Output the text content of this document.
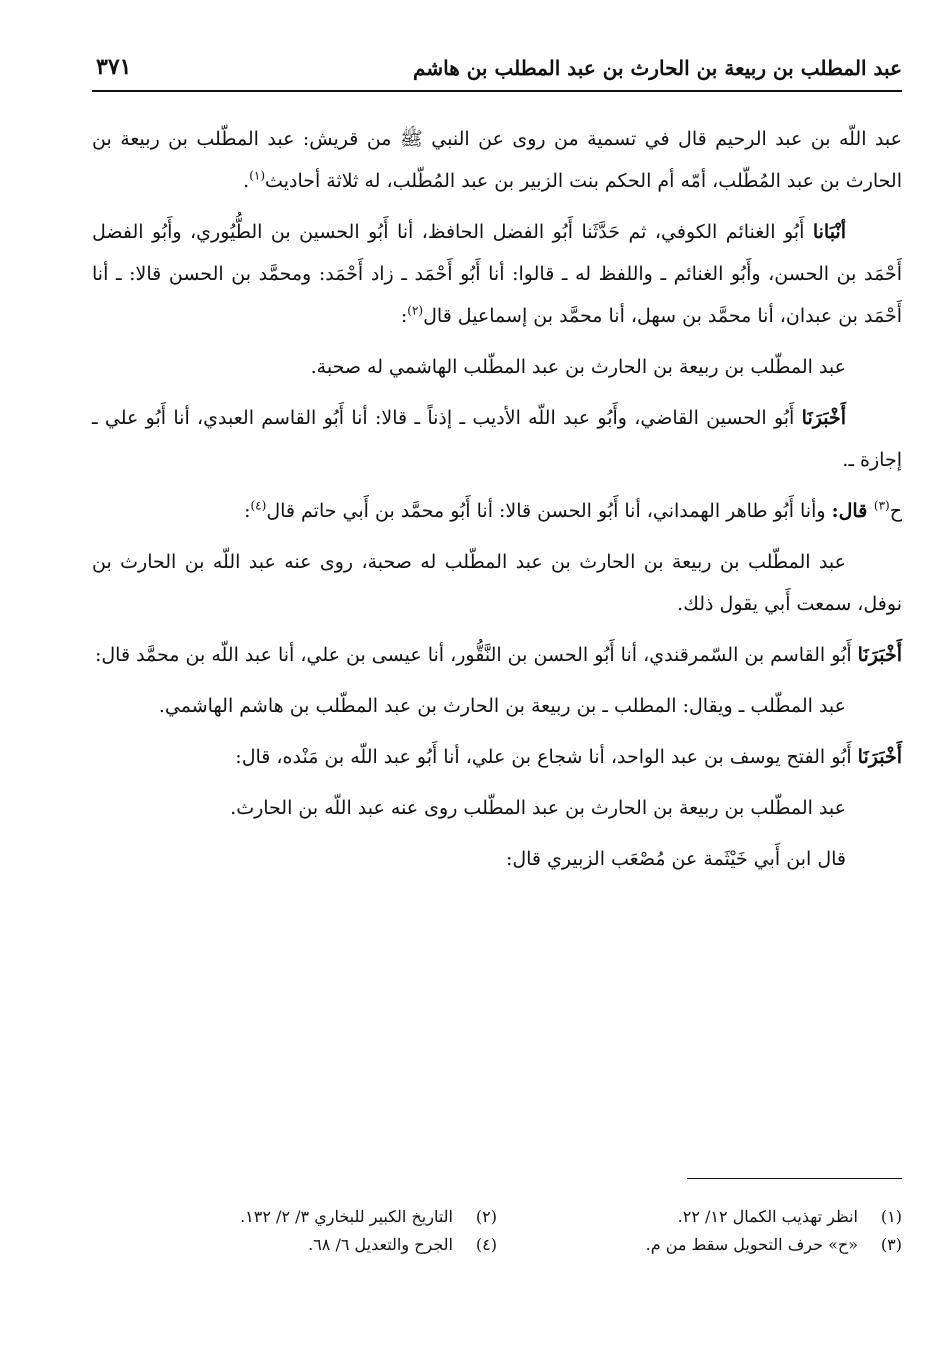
عبد المطلب بن ربيعة بن الحارث بن عبد المطلب بن هاشم
٣٧١

عبد اللّه بن عبد الرحيم قال في تسمية من روى عن النبي ﷺ من قريش: عبد المطّلب بن ربيعة بن الحارث بن عبد المُطّلب، أمّه أم الحكم بنت الزبير بن عبد المُطّلب، له ثلاثة أحاديث$^{(١)}$.

أنْبَانا أَبُو الغنائم الكوفي، ثم حَدَّثَنا أَبُو الفضل الحافظ، أنا أَبُو الحسين بن الطُّيُوري، وأَبُو الفضل أَحْمَد بن الحسن، وأَبُو الغنائم ـ واللفظ له ـ قالوا: أنا أَبُو أَحْمَد ـ زاد أَحْمَد: ومحمَّد بن الحسن قالا: ـ أنا أَحْمَد بن عبدان، أنا محمَّد بن سهل، أنا محمَّد بن إسماعيل قال$^{(٢)}$:

عبد المطّلب بن ربيعة بن الحارث بن عبد المطّلب الهاشمي له صحبة.

أَخْبَرَنَا أَبُو الحسين القاضي، وأَبُو عبد اللّه الأديب ـ إذناً ـ قالا: أنا أَبُو القاسم العبدي، أنا أَبُو علي ـ إجازة ـ.

ح$^{(٣)}$ قال: وأنا أَبُو طاهر الهمداني، أنا أَبُو الحسن قالا: أنا أَبُو محمَّد بن أَبي حاتم قال$^{(٤)}$:

عبد المطّلب بن ربيعة بن الحارث بن عبد المطّلب له صحبة، روى عنه عبد اللّه بن الحارث بن نوفل، سمعت أَبي يقول ذلك.

أَخْبَرَنَا أَبُو القاسم بن السّمرقندي، أنا أَبُو الحسن بن النَّقُّور، أنا عيسى بن علي، أنا عبد اللّه بن محمَّد قال:

عبد المطّلب ـ ويقال: المطلب ـ بن ربيعة بن الحارث بن عبد المطّلب بن هاشم الهاشمي.

أَخْبَرَنَا أَبُو الفتح يوسف بن عبد الواحد، أنا شجاع بن علي، أنا أَبُو عبد اللّه بن مَنْده، قال:

عبد المطّلب بن ربيعة بن الحارث بن عبد المطّلب روى عنه عبد اللّه بن الحارث.

قال ابن أَبي خَيْثَمة عن مُصْعَب الزبيري قال:

(١)انظر تهذيب الكمال ١٢/ ٢٢.
(٢)التاريخ الكبير للبخاري ٣/ ٢/ ١٣٢.
(٣)«ح» حرف التحويل سقط من م.
(٤)الجرح والتعديل ٦/ ٦٨.
